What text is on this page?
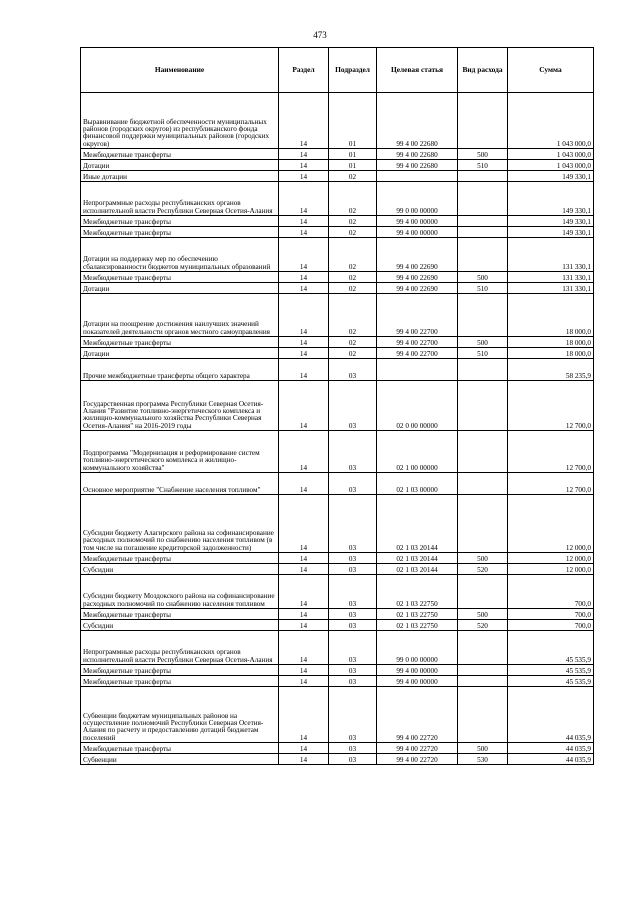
473
Наименование	Раздел	Подраздел	Целевая статья	Вид расхода	Сумма
Выравнивание бюджетной обеспеченности муниципальных районов (городских округов) из республиканского фонда финансовой поддержки муниципальных районов (городских округов)	14	01	99 4 00 22680		1 043 000,0
Межбюджетные трансферты	14	01	99 4 00 22680	500	1 043 000,0
Дотации	14	01	99 4 00 22680	510	1 043 000,0
Иные дотации	14	02			149 330,1
Непрограммные расходы республиканских органов исполнительной власти Республики Северная Осетия-Алания	14	02	99 0 00 00000		149 330,1
Межбюджетные трансферты	14	02	99 4 00 00000		149 330,1
Межбюджетные трансферты	14	02	99 4 00 00000		149 330,1
Дотации на поддержку мер по обеспечению сбалансированности бюджетов муниципальных образований	14	02	99 4 00 22690		131 330,1
Межбюджетные трансферты	14	02	99 4 00 22690	500	131 330,1
Дотации	14	02	99 4 00 22690	510	131 330,1
Дотации на поощрение достижения наилучших значений показателей деятельности органов местного самоуправления	14	02	99 4 00 22700		18 000,0
Межбюджетные трансферты	14	02	99 4 00 22700	500	18 000,0
Дотации	14	02	99 4 00 22700	510	18 000,0
Прочие межбюджетные трансферты общего характера	14	03			58 235,9
Государственная программа Республики Северная Осетия-Алания "Развитие топливно-энергетического комплекса и жилищно-коммунального хозяйства Республики Северная Осетия-Алания" на 2016-2019 годы	14	03	02 0 00 00000		12 700,0
Подпрограмма "Модернизация и реформирование систем топливно-энергетического комплекса и жилищно-коммунального хозяйства"	14	03	02 1 00 00000		12 700,0
Основное мероприятие "Снабжение населения топливом"	14	03	02 1 03 00000		12 700,0
Субсидии бюджету Алагирского района на софинансирование расходных полномочий по снабжению населения топливом (в том числе на погашение кредиторской задолженности)	14	03	02 1 03 20144		12 000,0
Межбюджетные трансферты	14	03	02 1 03 20144	500	12 000,0
Субсидии	14	03	02 1 03 20144	520	12 000,0
Субсидии бюджету Моздокского района на софинансирование расходных полномочий по снабжению населения топливом	14	03	02 1 03 22750		700,0
Межбюджетные трансферты	14	03	02 1 03 22750	500	700,0
Субсидии	14	03	02 1 03 22750	520	700,0
Непрограммные расходы республиканских органов исполнительной власти Республики Северная Осетия-Алания	14	03	99 0 00 00000		45 535,9
Межбюджетные трансферты	14	03	99 4 00 00000		45 535,9
Межбюджетные трансферты	14	03	99 4 00 00000		45 535,9
Субвенции бюджетам муниципальных районов на осуществление полномочий Республики Северная Осетия-Алания по расчету и предоставлению дотаций бюджетам поселений	14	03	99 4 00 22720		44 035,9
Межбюджетные трансферты	14	03	99 4 00 22720	500	44 035,9
Субвенции	14	03	99 4 00 22720	530	44 035,9
